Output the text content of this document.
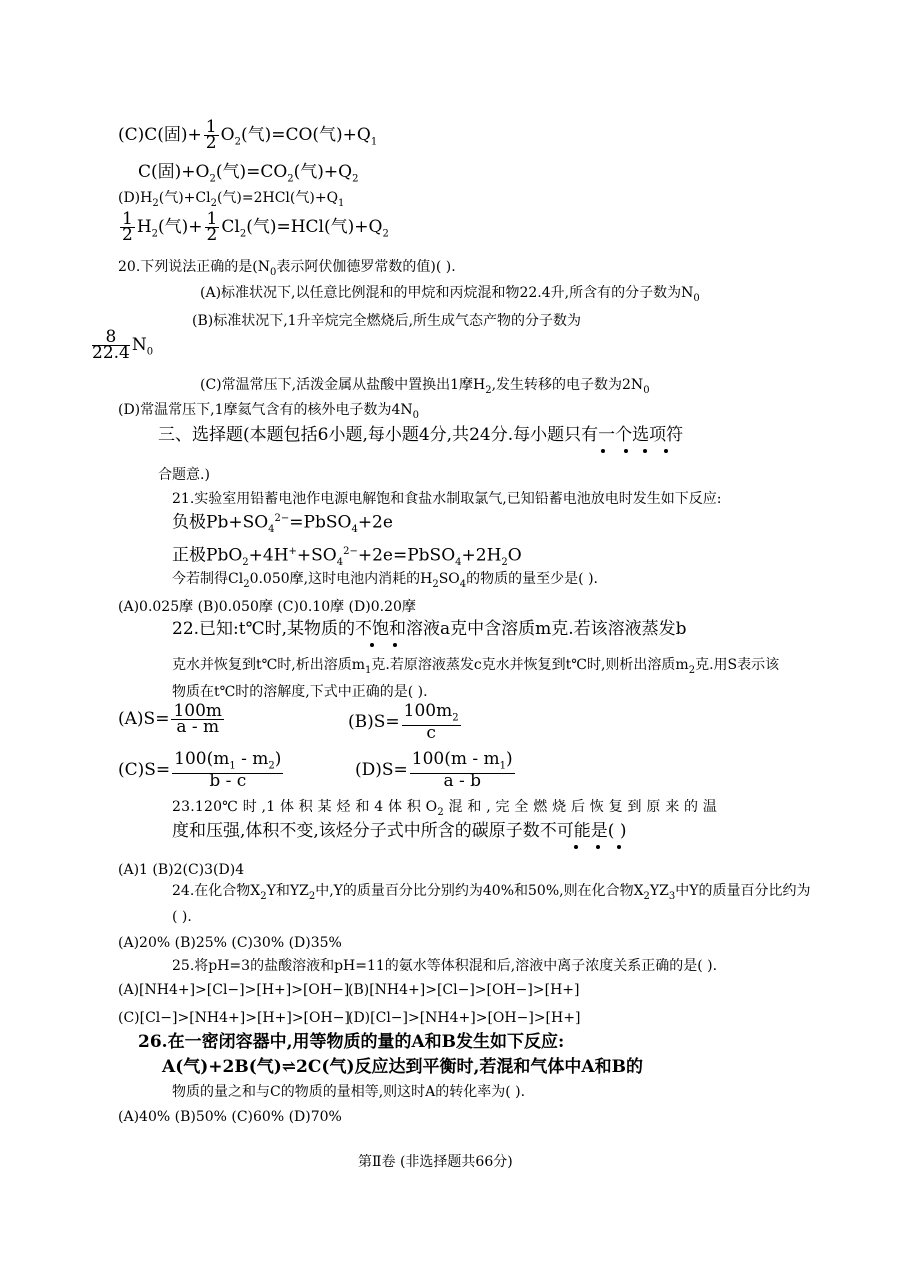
(C)C(固)+ $\frac{1}{2} O_2$(气)=CO(气)$+Q_1$
C(固)$+O_2$(气)$=CO_2$(气)$+Q_2$
$(D)H_2$(气)$+Cl_2$(气)=2HCl(气)$+Q_1$
$\frac{1}{2} H_2$(气)+ $\frac{1}{2} Cl_2$(气)=HCl(气)$+Q_2$
20.下列说法正确的是($N_0$表示阿伏伽德罗常数的值)( ).
(A)标准状况下,以任意比例混和的甲烷和丙烷混和物22.4升,所含有的分子数为$N_0$
(B)标准状况下,1升辛烷完全燃烧后,所生成气态产物的分子数为
$\frac{8}{22.4} N_0$
(C)常温常压下,活泼金属从盐酸中置换出1摩$H_2$,发生转移的电子数为$2N_0$
(D)常温常压下,1摩氦气含有的核外电子数为$4N_0$
三、选择题(本题包括6小题,每小题4分,共24分.每小题只有一个选项符
合题意.)
21.实验室用铅蓄电池作电源电解饱和食盐水制取氯气,已知铅蓄电池放电时发生如下反应:
负极$Pb+SO_4^{2-}=PbSO_4+2e$
正极$PbO_2+4H^++SO_4^{2-}+2e=PbSO_4+2H_2O$
今若制得$Cl_20.050$摩,这时电池内消耗的$H_2SO_4$的物质的量至少是( ).
(A)0.025摩 (B)0.050摩 (C)0.10摩 (D)0.20摩
22.已知:t℃时,某物质的不饱和溶液a克中含溶质m克.若该溶液蒸发b
克水并恢复到t℃时,析出溶质$m_1$克.若原溶液蒸发c克水并恢复到t℃时,则析出溶质$m_2$克.用S表示该
物质在t℃时的溶解度,下式中正确的是( ).
$(A)S= \frac{100m}{a - m}$	$(B)S= \frac{100m_2}{c}$
$(C)S= \frac{100(m_1 - m_2)}{b - c}$	$(D)S= \frac{100(m - m_1)}{a - b}$
23.120℃ 时 ,1 体 积 某 烃 和 4 体 积 $O_2$ 混 和 , 完 全 燃 烧 后 恢 复 到 原 来 的 温
度和压强,体积不变,该烃分子式中所含的碳原子数不可能是( )
(A)1 (B)2(C)3(D)4
24.在化合物$X_2Y$和$YZ_2$中,Y的质量百分比分别约为40%和50%,则在化合物$X_2YZ_3$中Y的质量百分比约为
( ).
(A)20% (B)25% (C)30% (D)35%
25.将pH=3的盐酸溶液和pH=11的氨水等体积混和后,溶液中离子浓度关系正确的是( ).
(A)[NH4+]>[Cl−]>[H+]>[OH−]
(B)[NH4+]>[Cl−]>[OH−]>[H+]
(C)[Cl−]>[NH4+]>[H+]>[OH−]
(D)[Cl−]>[NH4+]>[OH−]>[H+]
26.在一密闭容器中,用等物质的量的A和B发生如下反应:
A(气)+2B(气)⇌2C(气)反应达到平衡时,若混和气体中A和B的
物质的量之和与C的物质的量相等,则这时A的转化率为( ).
(A)40% (B)50% (C)60% (D)70%
第Ⅱ卷 (非选择题共66分)
